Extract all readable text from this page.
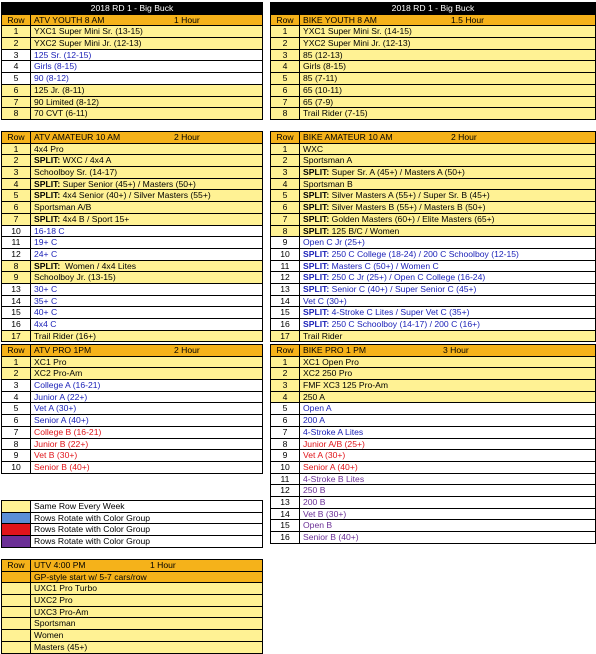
2018 RD 1 - Big Buck
Row	ATV YOUTH 8 AM	1 Hour
1	YXC1 Super Mini Sr. (13-15)
2	YXC2 Super Mini Jr. (12-13)
3	125 Sr. (12-15)
4	Girls (8-15)
5	90 (8-12)
6	125 Jr. (8-11)
7	90 Limited (8-12)
8	70 CVT (6-11)
2018 RD 1 - Big Buck
Row	BIKE YOUTH 8 AM	1.5 Hour
1	YXC1 Super Mini Sr. (14-15)
2	YXC2 Super Mini Jr. (12-13)
3	85 (12-13)
4	Girls (8-15)
5	85 (7-11)
6	65 (10-11)
7	65 (7-9)
8	Trail Rider (7-15)
Row	ATV AMATEUR 10 AM	2 Hour
1	4x4 Pro
2	SPLIT: WXC / 4x4 A
3	Schoolboy Sr. (14-17)
4	SPLIT: Super Senior (45+) / Masters (50+)
5	SPLIT: 4x4 Senior (40+) / Silver Masters (55+)
6	Sportsman A/B
7	SPLIT: 4x4 B / Sport 15+
10	16-18 C
11	19+ C
12	24+ C
8	SPLIT:  Women / 4x4 Lites
9	Schoolboy Jr. (13-15)
13	30+ C
14	35+ C
15	40+ C
16	4x4 C
17	Trail Rider (16+)
Row	BIKE AMATEUR 10 AM	2 Hour
1	WXC
2	Sportsman A
3	SPLIT: Super Sr. A (45+) / Masters A (50+)
4	Sportsman B
5	SPLIT: Silver Masters A (55+) / Super Sr. B (45+)
6	SPLIT: Silver Masters B (55+) / Masters B (50+)
7	SPLIT: Golden Masters (60+) / Elite Masters (65+)
8	SPLIT: 125 B/C / Women
9	Open C Jr (25+)
10	SPLIT: 250 C College (18-24) / 200 C Schoolboy (12-15)
11	SPLIT: Masters C (50+) / Women C
12	SPLIT: 250 C Jr (25+) / Open C College (16-24)
13	SPLIT: Senior C (40+) / Super Senior C (45+)
14	Vet C (30+)
15	SPLIT: 4-Stroke C Lites / Super Vet C (35+)
16	SPLIT: 250 C Schoolboy (14-17) / 200 C (16+)
17	Trail Rider
Row	ATV PRO 1PM	2 Hour
1	XC1 Pro
2	XC2 Pro-Am
3	College A (16-21)
4	Junior A (22+)
5	Vet A (30+)
6	Senior A (40+)
7	College B (16-21)
8	Junior B (22+)
9	Vet B (30+)
10	Senior B (40+)
Row	BIKE PRO 1 PM	3 Hour
1	XC1 Open Pro
2	XC2 250 Pro
3	FMF XC3 125 Pro-Am
4	250 A
5	Open A
6	200 A
7	4-Stroke A Lites
8	Junior A/B (25+)
9	Vet A (30+)
10	Senior A (40+)
11	4-Stroke B Lites
12	250 B
13	200 B
14	Vet B (30+)
15	Open B
16	Senior B (40+)
Same Row Every Week
Rows Rotate with Color Group
Rows Rotate with Color Group
Rows Rotate with Color Group
Row	UTV 4:00 PM	1 Hour
GP-style start w/ 5-7 cars/row
UXC1 Pro Turbo
UXC2 Pro
UXC3 Pro-Am
Sportsman
Women
Masters (45+)
